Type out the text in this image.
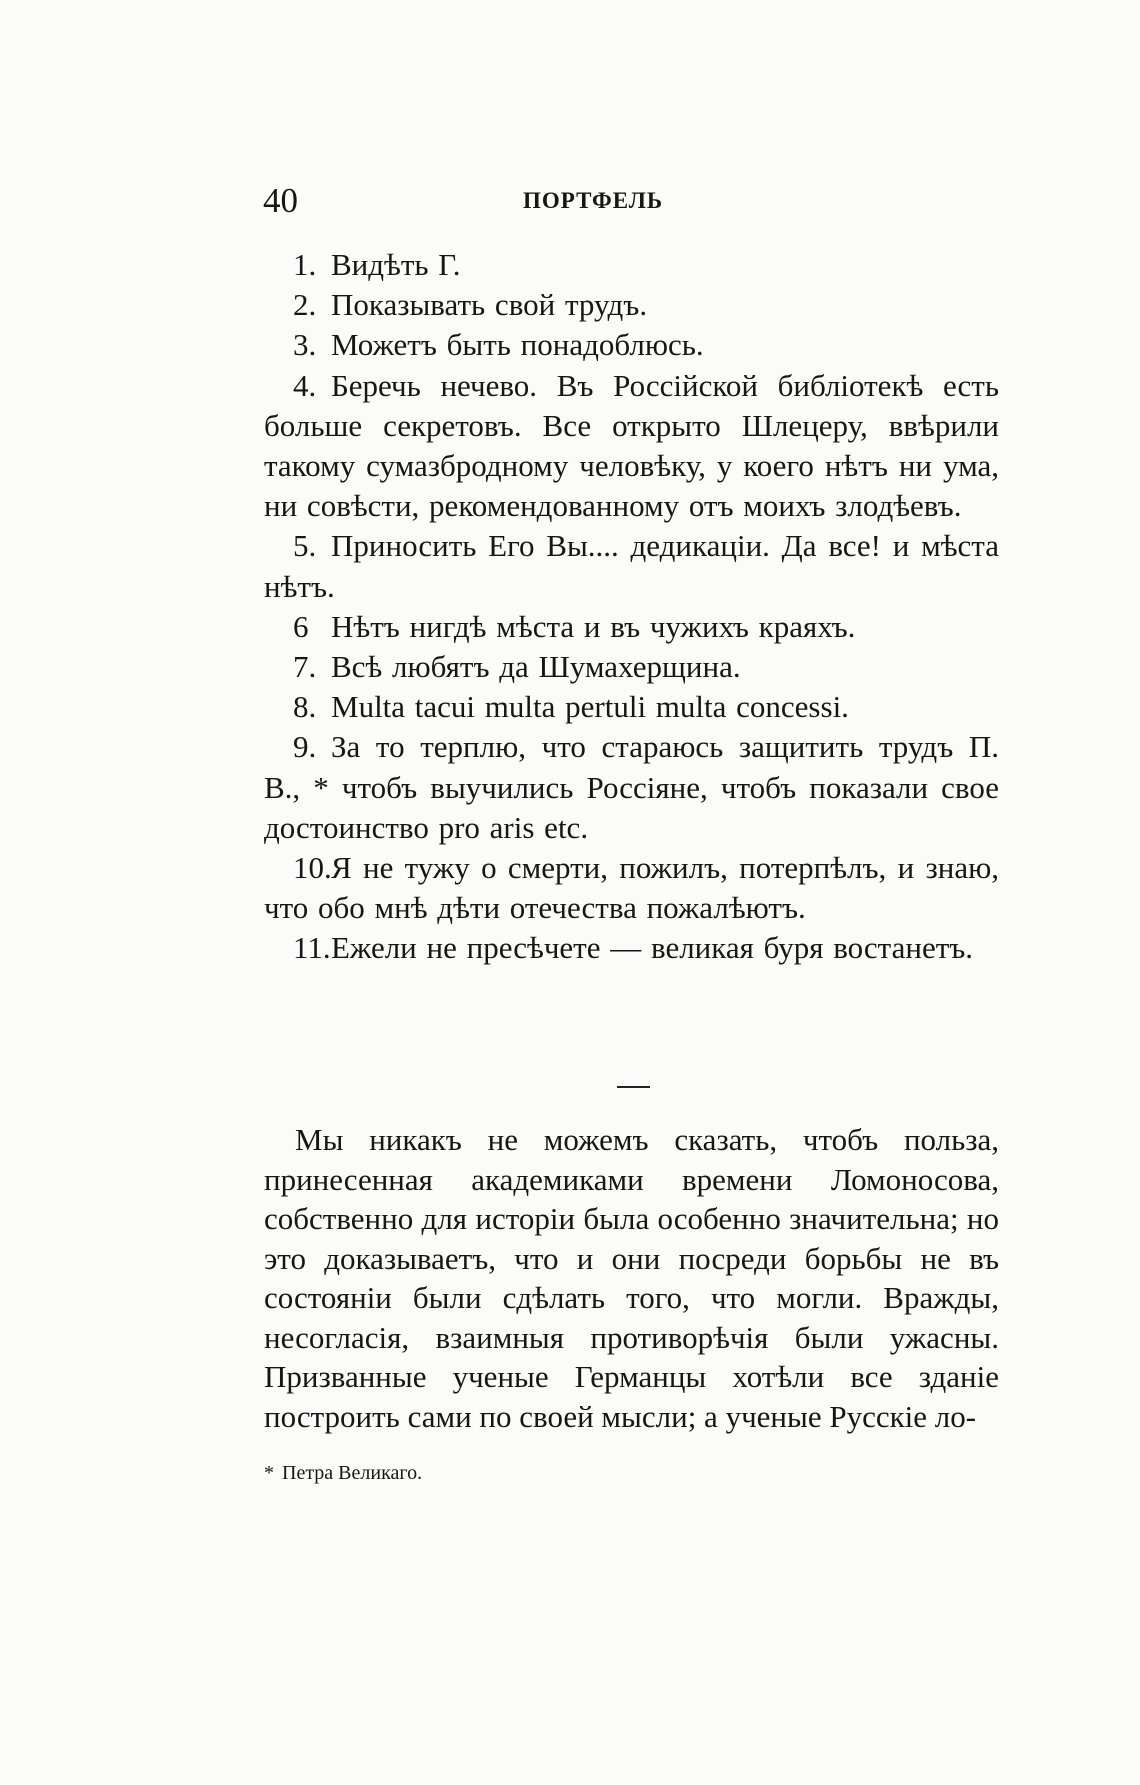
40	ПОРТФЕЛЬ

1. Видѣть Г.

2. Показывать свой трудъ.

3. Можетъ быть понадоблюсь.

4. Беречь нечево. Въ Россійской библіотекѣ есть больше секретовъ. Все открыто Шлецеру, ввѣрили такому сумазбродному человѣку, у коего нѣтъ ни ума, ни совѣсти, рекомендованному отъ моихъ злодѣевъ.

5. Приносить Его Вы.... дедикаціи. Да все! и мѣста нѣтъ.

6 Нѣтъ нигдѣ мѣста и въ чужихъ краяхъ.

7. Всѣ любятъ да Шумахерщина.

8. Multa tacui multa pertuli multa concessi.

9. За то терплю, что стараюсь защитить трудъ П. В., * чтобъ выучились Россіяне, чтобъ показали свое достоинство pro aris etc.

10.Я не тужу о смерти, пожилъ, потерпѣлъ, и знаю, что обо мнѣ дѣти отечества пожалѣютъ.

11.Ежели не пресѣчете — великая буря востанетъ.

Мы никакъ не можемъ сказать, чтобъ польза, принесенная академиками времени Ломоносова, собственно для исторіи была особенно значительна; но это доказываетъ, что и они посреди борьбы не въ состояніи были сдѣлать того, что могли. Вражды, несогласія, взаимныя противорѣчія были ужасны. Призванные ученые Германцы хотѣли все зданіе построить сами по своей мысли; а ученые Русскіе ло-

* Петра Великаго.
